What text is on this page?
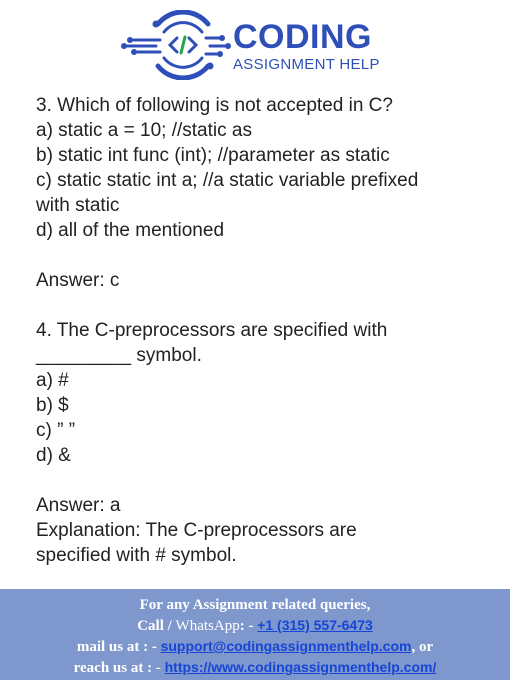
CODING
ASSIGNMENT HELP
3. Which of following is not accepted in C?
a) static a = 10; //static as
b) static int func (int); //parameter as static
c) static static int a; //a static variable prefixed
with static
d) all of the mentioned
Answer: c
4. The C-preprocessors are specified with
_________ symbol.
a) #
b) $
c) ” ”
d) &
Answer: a
Explanation: The C-preprocessors are
specified with # symbol.
For any Assignment related queries,
Call / WhatsApp: - +1 (315) 557-6473
mail us at : - support@codingassignmenthelp.com, or
reach us at : - https://www.codingassignmenthelp.com/
